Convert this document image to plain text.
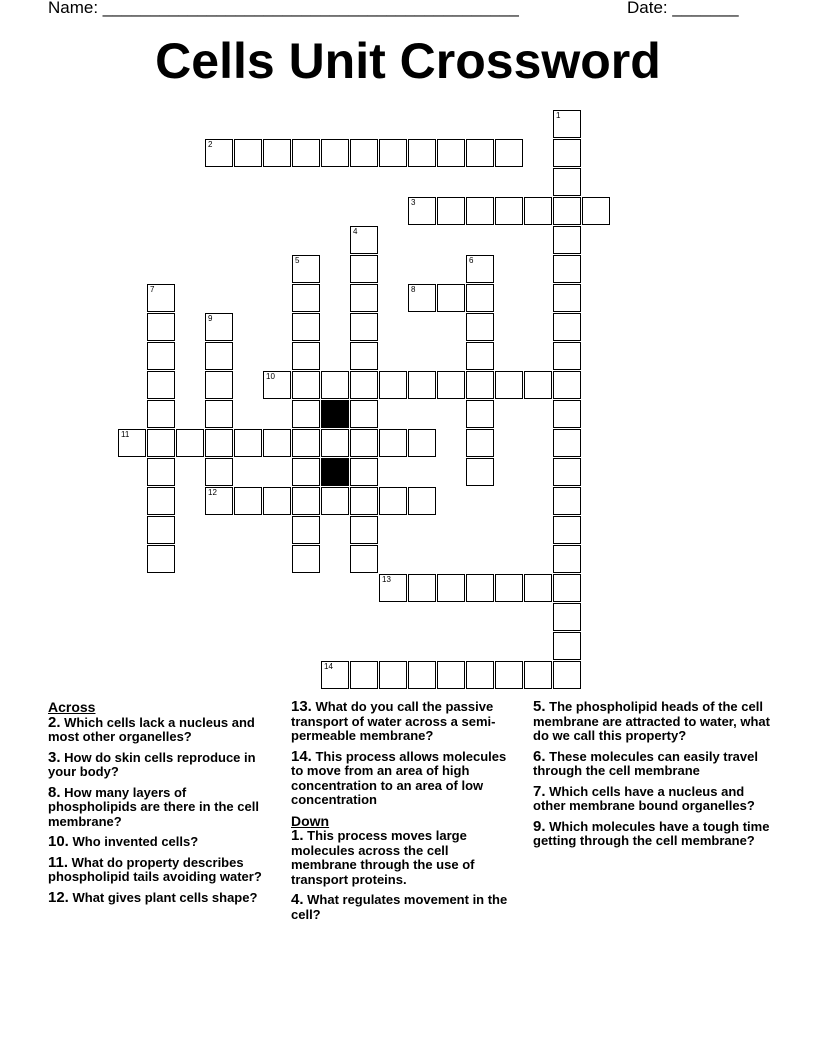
Name: ____________________________________________	Date: _______
Cells Unit Crossword
1
2
3
4
5	6
7	8
9
12
10
11
13
14
Across
2. Which cells lack a nucleus and most other organelles?
3. How do skin cells reproduce in your body?
8. How many layers of phospholipids are there in the cell membrane?
10. Who invented cells?
11. What do property describes phospholipid tails avoiding water?
12. What gives plant cells shape?
13. What do you call the passive transport of water across a semi-permeable membrane?
14. This process allows molecules to move from an area of high concentration to an area of low concentration
Down
1. This process moves large molecules across the cell membrane through the use of transport proteins.
4. What regulates movement in the cell?
5. The phospholipid heads of the cell membrane are attracted to water, what do we call this property?
6. These molecules can easily travel through the cell membrane
7. Which cells have a nucleus and other membrane bound organelles?
9. Which molecules have a tough time getting through the cell membrane?
